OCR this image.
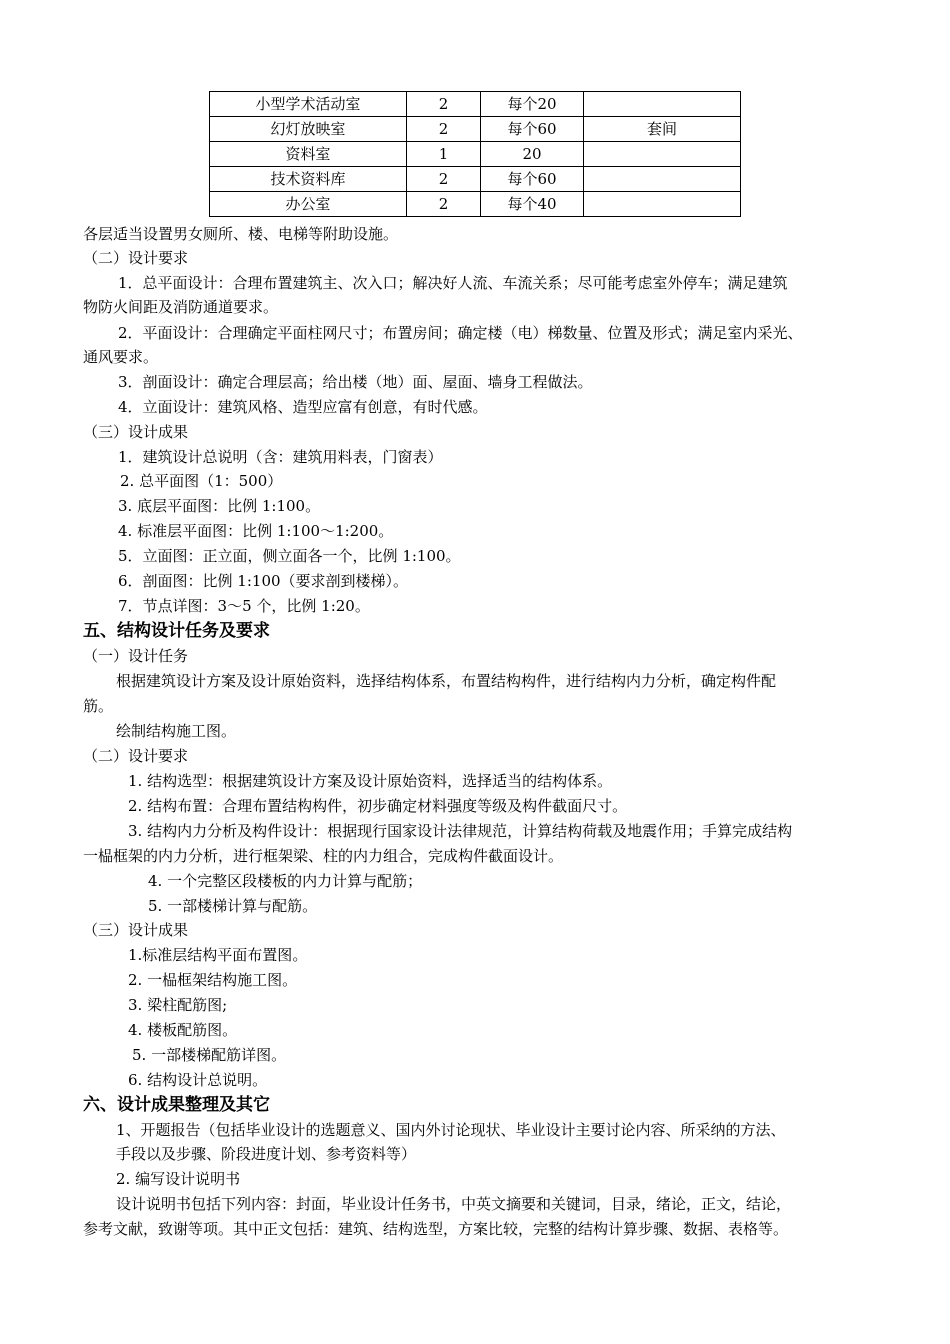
小型学术活动室	2	每个20	
幻灯放映室	2	每个60	套间
资料室	1	20	
技术资料库	2	每个60	
办公室	2	每个40	
各层适当设置男女厕所、楼、电梯等附助设施。
（二）设计要求
1．总平面设计：合理布置建筑主、次入口；解决好人流、车流关系；尽可能考虑室外停车；满足建筑
物防火间距及消防通道要求。
2．平面设计：合理确定平面柱网尺寸；布置房间；确定楼（电）梯数量、位置及形式；满足室内采光、
通风要求。
3．剖面设计：确定合理层高；给出楼（地）面、屋面、墙身工程做法。
4．立面设计：建筑风格、造型应富有创意，有时代感。
（三）设计成果
1．建筑设计总说明（含：建筑用料表，门窗表）
2. 总平面图（1：500）
3. 底层平面图：比例 1:100。
4. 标准层平面图：比例 1:100～1:200。
5．立面图：正立面，侧立面各一个，比例 1:100。
6．剖面图：比例 1:100（要求剖到楼梯）。
7．节点详图：3～5 个，比例 1:20。
五、结构设计任务及要求
（一）设计任务
根据建筑设计方案及设计原始资料，选择结构体系，布置结构构件，进行结构内力分析，确定构件配
筋。
绘制结构施工图。
（二）设计要求
1. 结构选型：根据建筑设计方案及设计原始资料，选择适当的结构体系。
2. 结构布置：合理布置结构构件，初步确定材料强度等级及构件截面尺寸。
3. 结构内力分析及构件设计：根据现行国家设计法律规范，计算结构荷载及地震作用；手算完成结构
一榀框架的内力分析，进行框架梁、柱的内力组合，完成构件截面设计。
4. 一个完整区段楼板的内力计算与配筋；
5. 一部楼梯计算与配筋。
（三）设计成果
1.标准层结构平面布置图。
2. 一榀框架结构施工图。
3. 梁柱配筋图;
4. 楼板配筋图。
5. 一部楼梯配筋详图。
6. 结构设计总说明。
六、设计成果整理及其它
1、开题报告（包括毕业设计的选题意义、国内外讨论现状、毕业设计主要讨论内容、所采纳的方法、
手段以及步骤、阶段进度计划、参考资料等）
2. 编写设计说明书
设计说明书包括下列内容：封面，毕业设计任务书，中英文摘要和关键词，目录，绪论，正文，结论，
参考文献，致谢等项。其中正文包括：建筑、结构选型，方案比较，完整的结构计算步骤、数据、表格等。
